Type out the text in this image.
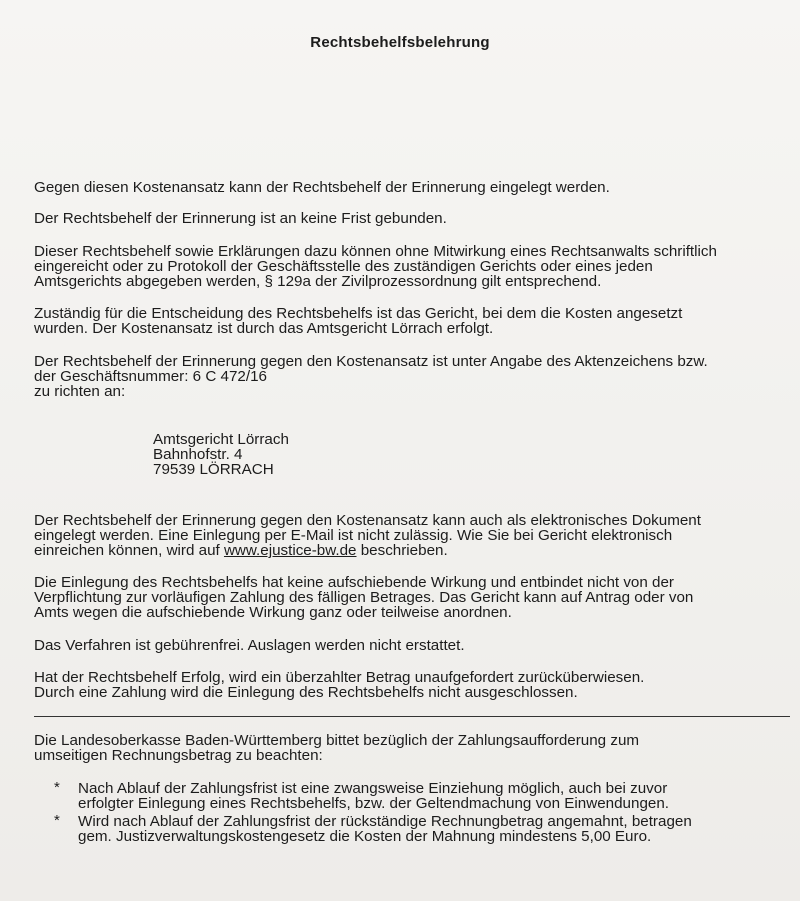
Rechtsbehelfsbelehrung
Gegen diesen Kostenansatz kann der Rechtsbehelf der Erinnerung eingelegt werden.
Der Rechtsbehelf der Erinnerung ist an keine Frist gebunden.
Dieser Rechtsbehelf sowie Erklärungen dazu können ohne Mitwirkung eines Rechtsanwalts schriftlich
eingereicht oder zu Protokoll der Geschäftsstelle des zuständigen Gerichts oder eines jeden
Amtsgerichts abgegeben werden, § 129a der Zivilprozessordnung gilt entsprechend.
Zuständig für die Entscheidung des Rechtsbehelfs ist das Gericht, bei dem die Kosten angesetzt
wurden. Der Kostenansatz ist durch das Amtsgericht Lörrach erfolgt.
Der Rechtsbehelf der Erinnerung gegen den Kostenansatz ist unter Angabe des Aktenzeichens bzw.
der Geschäftsnummer: 6 C 472/16
zu richten an:
Amtsgericht Lörrach
Bahnhofstr. 4
79539 LÖRRACH
Der Rechtsbehelf der Erinnerung gegen den Kostenansatz kann auch als elektronisches Dokument
eingelegt werden. Eine Einlegung per E-Mail ist nicht zulässig. Wie Sie bei Gericht elektronisch
einreichen können, wird auf www.ejustice-bw.de beschrieben.
Die Einlegung des Rechtsbehelfs hat keine aufschiebende Wirkung und entbindet nicht von der
Verpflichtung zur vorläufigen Zahlung des fälligen Betrages. Das Gericht kann auf Antrag oder von
Amts wegen die aufschiebende Wirkung ganz oder teilweise anordnen.
Das Verfahren ist gebührenfrei. Auslagen werden nicht erstattet.
Hat der Rechtsbehelf Erfolg, wird ein überzahlter Betrag unaufgefordert zurücküberwiesen.
Durch eine Zahlung wird die Einlegung des Rechtsbehelfs nicht ausgeschlossen.
Die Landesoberkasse Baden-Württemberg bittet bezüglich der Zahlungsaufforderung zum
umseitigen Rechnungsbetrag zu beachten:
* Nach Ablauf der Zahlungsfrist ist eine zwangsweise Einziehung möglich, auch bei zuvor
erfolgter Einlegung eines Rechtsbehelfs, bzw. der Geltendmachung von Einwendungen.
* Wird nach Ablauf der Zahlungsfrist der rückständige Rechnungbetrag angemahnt, betragen
gem. Justizverwaltungskostengesetz die Kosten der Mahnung mindestens 5,00 Euro.
